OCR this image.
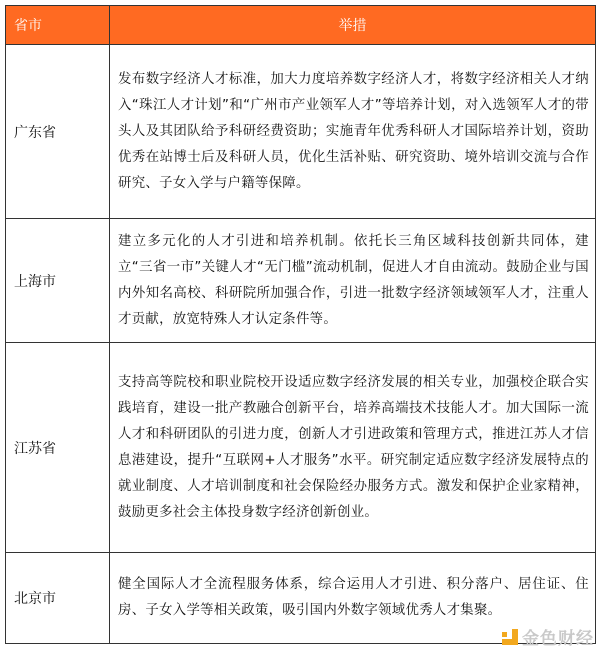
省市	举措
广东省	发布数字经济人才标准，加大力度培养数字经济人才，将数字经济相关人才纳入“珠江人才计划”和“广州市产业领军人才”等培养计划，对入选领军人才的带头人及其团队给予科研经费资助；实施青年优秀科研人才国际培养计划，资助优秀在站博士后及科研人员，优化生活补贴、研究资助、境外培训交流与合作研究、子女入学与户籍等保障。
上海市	建立多元化的人才引进和培养机制。依托长三角区域科技创新共同体，建立“三省一市”关键人才“无门槛”流动机制，促进人才自由流动。鼓励企业与国内外知名高校、科研院所加强合作，引进一批数字经济领域领军人才，注重人才贡献，放宽特殊人才认定条件等。
江苏省	支持高等院校和职业院校开设适应数字经济发展的相关专业，加强校企联合实践培育，建设一批产教融合创新平台，培养高端技术技能人才。加大国际一流人才和科研团队的引进力度，创新人才引进政策和管理方式，推进江苏人才信息港建设，提升“互联网+人才服务”水平。研究制定适应数字经济发展特点的就业制度、人才培训制度和社会保险经办服务方式。激发和保护企业家精神，鼓励更多社会主体投身数字经济创新创业。
北京市	健全国际人才全流程服务体系，综合运用人才引进、积分落户、居住证、住房、子女入学等相关政策，吸引国内外数字领域优秀人才集聚。
金色财经
